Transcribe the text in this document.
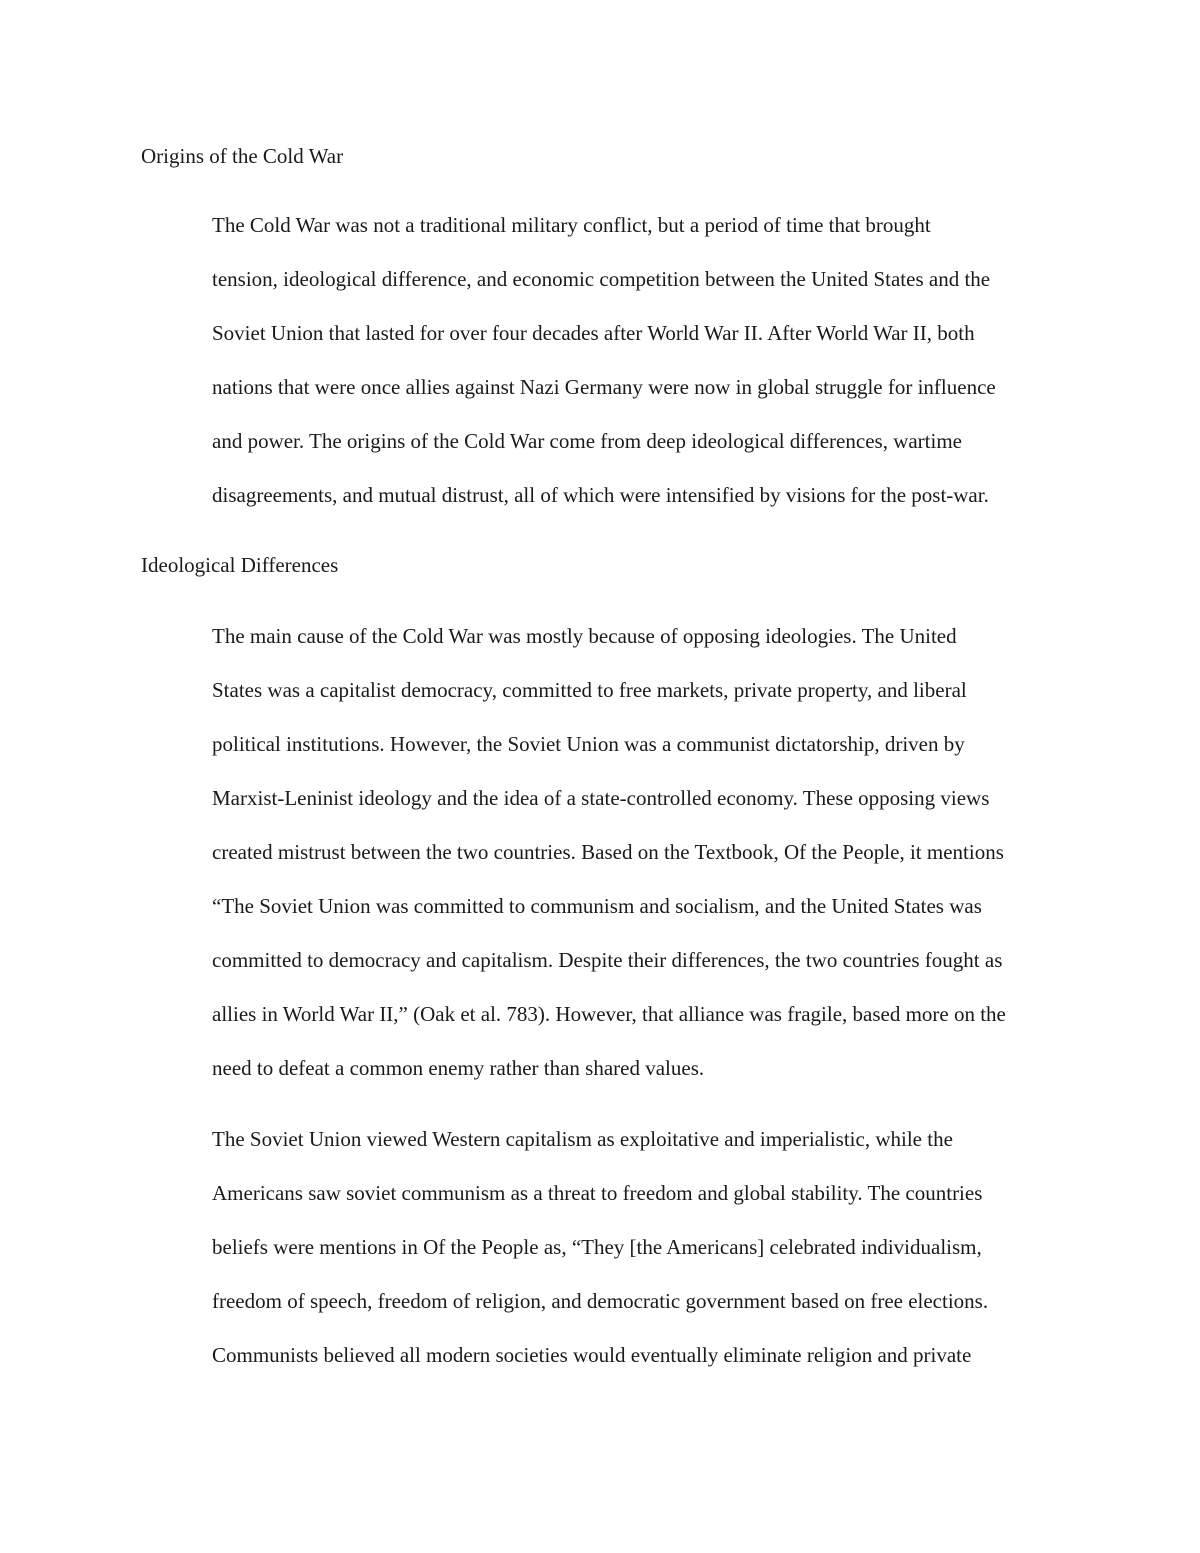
Origins of the Cold War
The Cold War was not a traditional military conflict, but a period of time that brought
tension, ideological difference, and economic competition between the United States and the
Soviet Union that lasted for over four decades after World War II. After World War II, both
nations that were once allies against Nazi Germany were now in global struggle for influence
and power. The origins of the Cold War come from deep ideological differences, wartime
disagreements, and mutual distrust, all of which were intensified by visions for the post-war.
Ideological Differences
The main cause of the Cold War was mostly because of opposing ideologies. The United
States was a capitalist democracy, committed to free markets, private property, and liberal
political institutions. However, the Soviet Union was a communist dictatorship, driven by
Marxist-Leninist ideology and the idea of a state-controlled economy. These opposing views
created mistrust between the two countries. Based on the Textbook, Of the People, it mentions
“The Soviet Union was committed to communism and socialism, and the United States was
committed to democracy and capitalism. Despite their differences, the two countries fought as
allies in World War II,” (Oak et al. 783). However, that alliance was fragile, based more on the
need to defeat a common enemy rather than shared values.
The Soviet Union viewed Western capitalism as exploitative and imperialistic, while the
Americans saw soviet communism as a threat to freedom and global stability. The countries
beliefs were mentions in Of the People as, “They [the Americans] celebrated individualism,
freedom of speech, freedom of religion, and democratic government based on free elections.
Communists believed all modern societies would eventually eliminate religion and private
